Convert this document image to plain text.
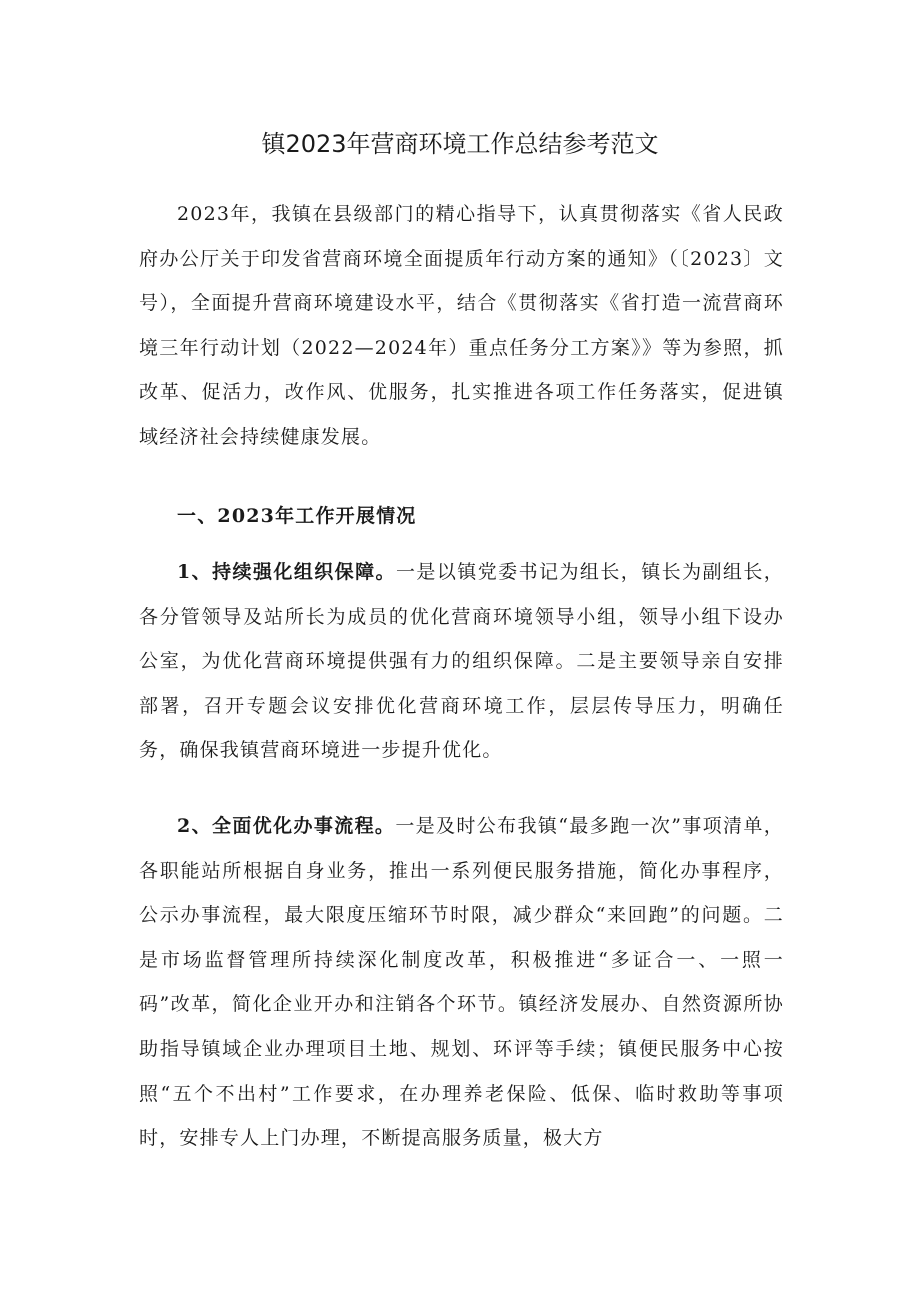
镇2023年营商环境工作总结参考范文

2023年，我镇在县级部门的精心指导下，认真贯彻落实《省人民政府办公厅关于印发省营商环境全面提质年行动方案的通知》（〔2023〕文号），全面提升营商环境建设水平，结合《贯彻落实《省打造一流营商环境三年行动计划（2022—2024年）重点任务分工方案》》等为参照，抓改革、促活力，改作风、优服务，扎实推进各项工作任务落实，促进镇域经济社会持续健康发展。

一、2023年工作开展情况

1、持续强化组织保障。一是以镇党委书记为组长，镇长为副组长，各分管领导及站所长为成员的优化营商环境领导小组，领导小组下设办公室，为优化营商环境提供强有力的组织保障。二是主要领导亲自安排部署，召开专题会议安排优化营商环境工作，层层传导压力，明确任务，确保我镇营商环境进一步提升优化。

2、全面优化办事流程。一是及时公布我镇“最多跑一次”事项清单，各职能站所根据自身业务，推出一系列便民服务措施，简化办事程序，公示办事流程，最大限度压缩环节时限，减少群众“来回跑”的问题。二是市场监督管理所持续深化制度改革，积极推进“多证合一、一照一码”改革，简化企业开办和注销各个环节。镇经济发展办、自然资源所协助指导镇域企业办理项目土地、规划、环评等手续；镇便民服务中心按照“五个不出村”工作要求，在办理养老保险、低保、临时救助等事项时，安排专人上门办理，不断提高服务质量，极大方
